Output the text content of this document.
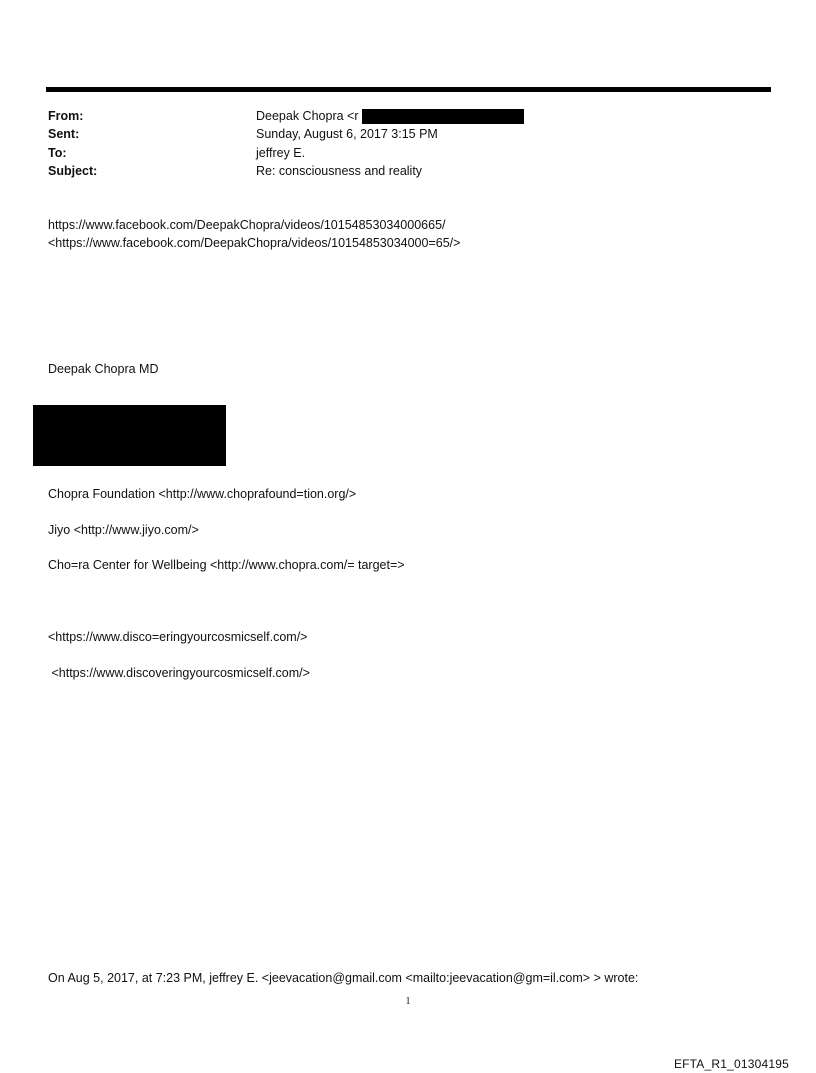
From:	Deepak Chopra <r
Sent:	Sunday, August 6, 2017 3:15 PM
To:	jeffrey E.
Subject:	Re: consciousness and reality
https://www.facebook.com/DeepakChopra/videos/10154853034000665/
<https://www.facebook.com/DeepakChopra/videos/10154853034000=65/>
Deepak Chopra MD
Chopra Foundation <http://www.choprafound=tion.org/>
Jiyo <http://www.jiyo.com/>
Cho=ra Center for Wellbeing <http://www.chopra.com/= target=>
<https://www.disco=eringyourcosmicself.com/>
<https://www.discoveringyourcosmicself.com/>
On Aug 5, 2017, at 7:23 PM, jeffrey E. <jeevacation@gmail.com <mailto:jeevacation@gm=il.com> > wrote:
1
EFTA_R1_01304195
